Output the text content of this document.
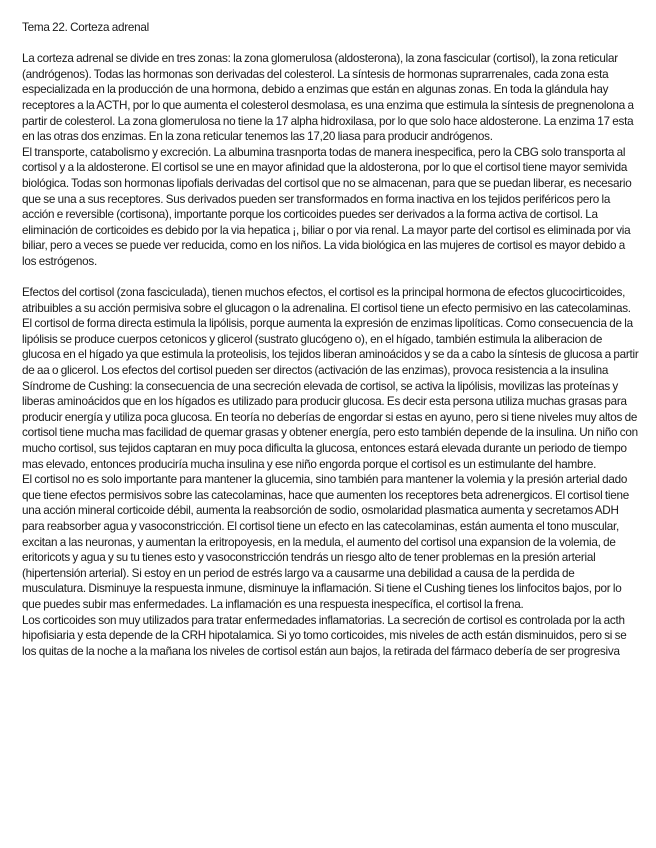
Tema 22. Corteza adrenal

La corteza adrenal se divide en tres zonas: la zona glomerulosa (aldosterona), la zona fascicular (cortisol), la zona reticular (andrógenos). Todas las hormonas son derivadas del colesterol. La síntesis de hormonas suprarrenales, cada zona esta especializada en la producción de una hormona, debido a enzimas que están en algunas zonas. En toda la glándula hay receptores a la ACTH, por lo que aumenta el colesterol desmolasa, es una enzima que estimula la síntesis de pregnenolona a partir de colesterol. La zona glomerulosa no tiene la 17 alpha hidroxilasa, por lo que solo hace aldosterone. La enzima 17 esta en las otras dos enzimas. En la zona reticular tenemos las 17,20 liasa para producir andrógenos.

El transporte, catabolismo y excreción. La albumina trasnporta todas de manera inespecifica, pero la CBG solo transporta al cortisol y a la aldosterone. El cortisol se une en mayor afinidad que la aldosterona, por lo que el cortisol tiene mayor semivida biológica. Todas son hormonas lipofials derivadas del cortisol que no se almacenan, para que se puedan liberar, es necesario que se una a sus receptores. Sus derivados pueden ser transformados en forma inactiva en los tejidos periféricos pero la acción e reversible (cortisona), importante porque los corticoides puedes ser derivados a la forma activa de cortisol. La eliminación de corticoides es debido por la via hepatica ¡, biliar o por via renal. La mayor parte del cortisol es eliminada por via biliar, pero a veces se puede ver reducida, como en los niños. La vida biológica en las mujeres de cortisol es mayor debido a los estrógenos.

Efectos del cortisol (zona fasciculada), tienen muchos efectos, el cortisol es la principal hormona de efectos glucocirticoides, atribuibles a su acción permisiva sobre el glucagon o la adrenalina. El cortisol tiene un efecto permisivo en las catecolaminas. El cortisol de forma directa estimula la lipólisis, porque aumenta la expresión de enzimas lipolíticas. Como consecuencia de la lipólisis se produce cuerpos cetonicos y glicerol (sustrato glucógeno o), en el hígado, también estimula la aliberacion de glucosa en el hígado ya que estimula la proteolisis, los tejidos liberan aminoácidos y se da a cabo la síntesis de glucosa a partir de aa o glicerol. Los efectos del cortisol pueden ser directos (activación de las enzimas), provoca resistencia a la insulina

Síndrome de Cushing: la consecuencia de una secreción elevada de cortisol, se activa la lipólisis, movilizas las proteínas y liberas aminoácidos que en los hígados es utilizado para producir glucosa. Es decir esta persona utiliza muchas grasas para producir energía y utiliza poca glucosa. En teoría no deberías de engordar si estas en ayuno, pero si tiene niveles muy altos de cortisol tiene mucha mas facilidad de quemar grasas y obtener energía, pero esto también depende de la insulina. Un niño con mucho cortisol, sus tejidos captaran en muy poca dificulta la glucosa, entonces estará elevada durante un periodo de tiempo mas elevado, entonces produciría mucha insulina y ese niño engorda porque el cortisol es un estimulante del hambre.

El cortisol no es solo importante para mantener la glucemia, sino también para mantener la volemia y la presión arterial dado que tiene efectos permisivos sobre las catecolaminas, hace que aumenten los receptores beta adrenergicos. El cortisol tiene una acción mineral corticoide débil, aumenta la reabsorción de sodio, osmolaridad plasmatica aumenta y secretamos ADH para reabsorber agua y vasoconstricción. El cortisol tiene un efecto en las catecolaminas, están aumenta el tono muscular, excitan a las neuronas, y aumentan la eritropoyesis, en la medula, el aumento del cortisol una expansion de la volemia, de eritoricots y agua y su tu tienes esto y vasoconstricción tendrás un riesgo alto de tener problemas en la presión arterial (hipertensión arterial). Si estoy en un period de estrés largo va a causarme una debilidad a causa de la perdida de musculatura. Disminuye la respuesta inmune, disminuye la inflamación. Si tiene el Cushing tienes los linfocitos bajos, por lo que puedes subir mas enfermedades. La inflamación es una respuesta inespecífica, el cortisol la frena.

Los corticoides son muy utilizados para tratar enfermedades inflamatorias. La secreción de cortisol es controlada por la acth hipofisiaria y esta depende de la CRH hipotalamica. Si yo tomo corticoides, mis niveles de acth están disminuidos, pero si se los quitas de la noche a la mañana los niveles de cortisol están aun bajos, la retirada del fármaco debería de ser progresiva
